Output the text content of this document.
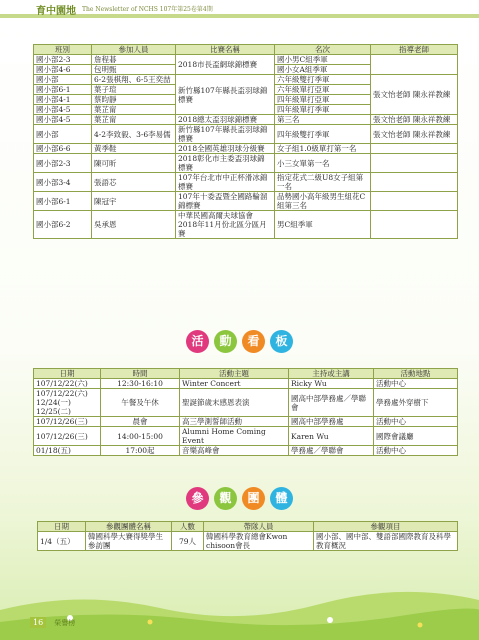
育中園地 The Newsletter of NCHS 107年第25卷第4期
班別	參加人員	比賽名稱	名次	指導老師
國小部2-3	詹程碁	2018市長盃網球錦標賽	國小男C組季軍	
國小部4-6	包明甄		國小女A組季軍	
國小部	6-2張棋翔、6-5王奕喆	新竹縣107年縣長盃羽球錦標賽	六年級雙打季軍	張文怡老師 陳永祥教練
國小部6-1	葉子瑄		六年級單打亞軍	
國小部4-1	蔡昀靜		四年級單打亞軍	
國小部4-5	葉芷甯		四年級單打季軍	
國小部4-5	葉芷甯	2018總太盃羽球錦標賽	第三名	張文怡老師 陳永祥教練
國小部	4-2李致毅、3-6李易儒	新竹縣107年縣長盃羽球錦標賽	四年級雙打季軍	張文怡老師 陳永祥教練
國小部6-6	黃季鞋	2018全國英雄羽球分級賽	女子組1.0級單打第一名	
國小部2-3	陳可昕	2018彰化市主委盃羽球錦標賽	小三女單第一名	
國小部3-4	張語芯	107年台北市中正杯滑冰錦標賽	指定花式二級U8女子組第一名	
國小部6-1	陳冠宇	107年十委盃暨全國路輪溜錦標賽	品勢國小高年級男生組花C組第三名	
國小部6-2	吳承恩	中華民國高爾夫球協會2018年11月份北區分區月賽	男C組季軍	
活	動	看	板
日期	時間	活動主題	主持或主講	活動地點
107/12/22(六)	12:30-16:10	Winter Concert	Ricky Wu	活動中心
107/12/22(六) 12/24(一) 12/25(二)	午餐及午休	聖誕節歲末感恩表演	國高中部學務處／學聯會	學務處外穿樹下
107/12/26(三)	晨會	高三學測誓師活動	國高中部學務處	活動中心
107/12/26(三)	14:00-15:00	Alumni Home Coming Event	Karen Wu	國際會議廳
01/18(五)	17:00起	音樂高峰會	學務處／學聯會	活動中心
參	觀	團	體
日期	參觀團體名稱	人數	帶隊人員	參觀項目
1/4（五）	韓國科學大賽得獎學生參訪團	79人	韓國科學教育總會Kwon chisoon會長	國小部、國中部、雙語部國際教育及科學教育概況
16 榮譽榜
